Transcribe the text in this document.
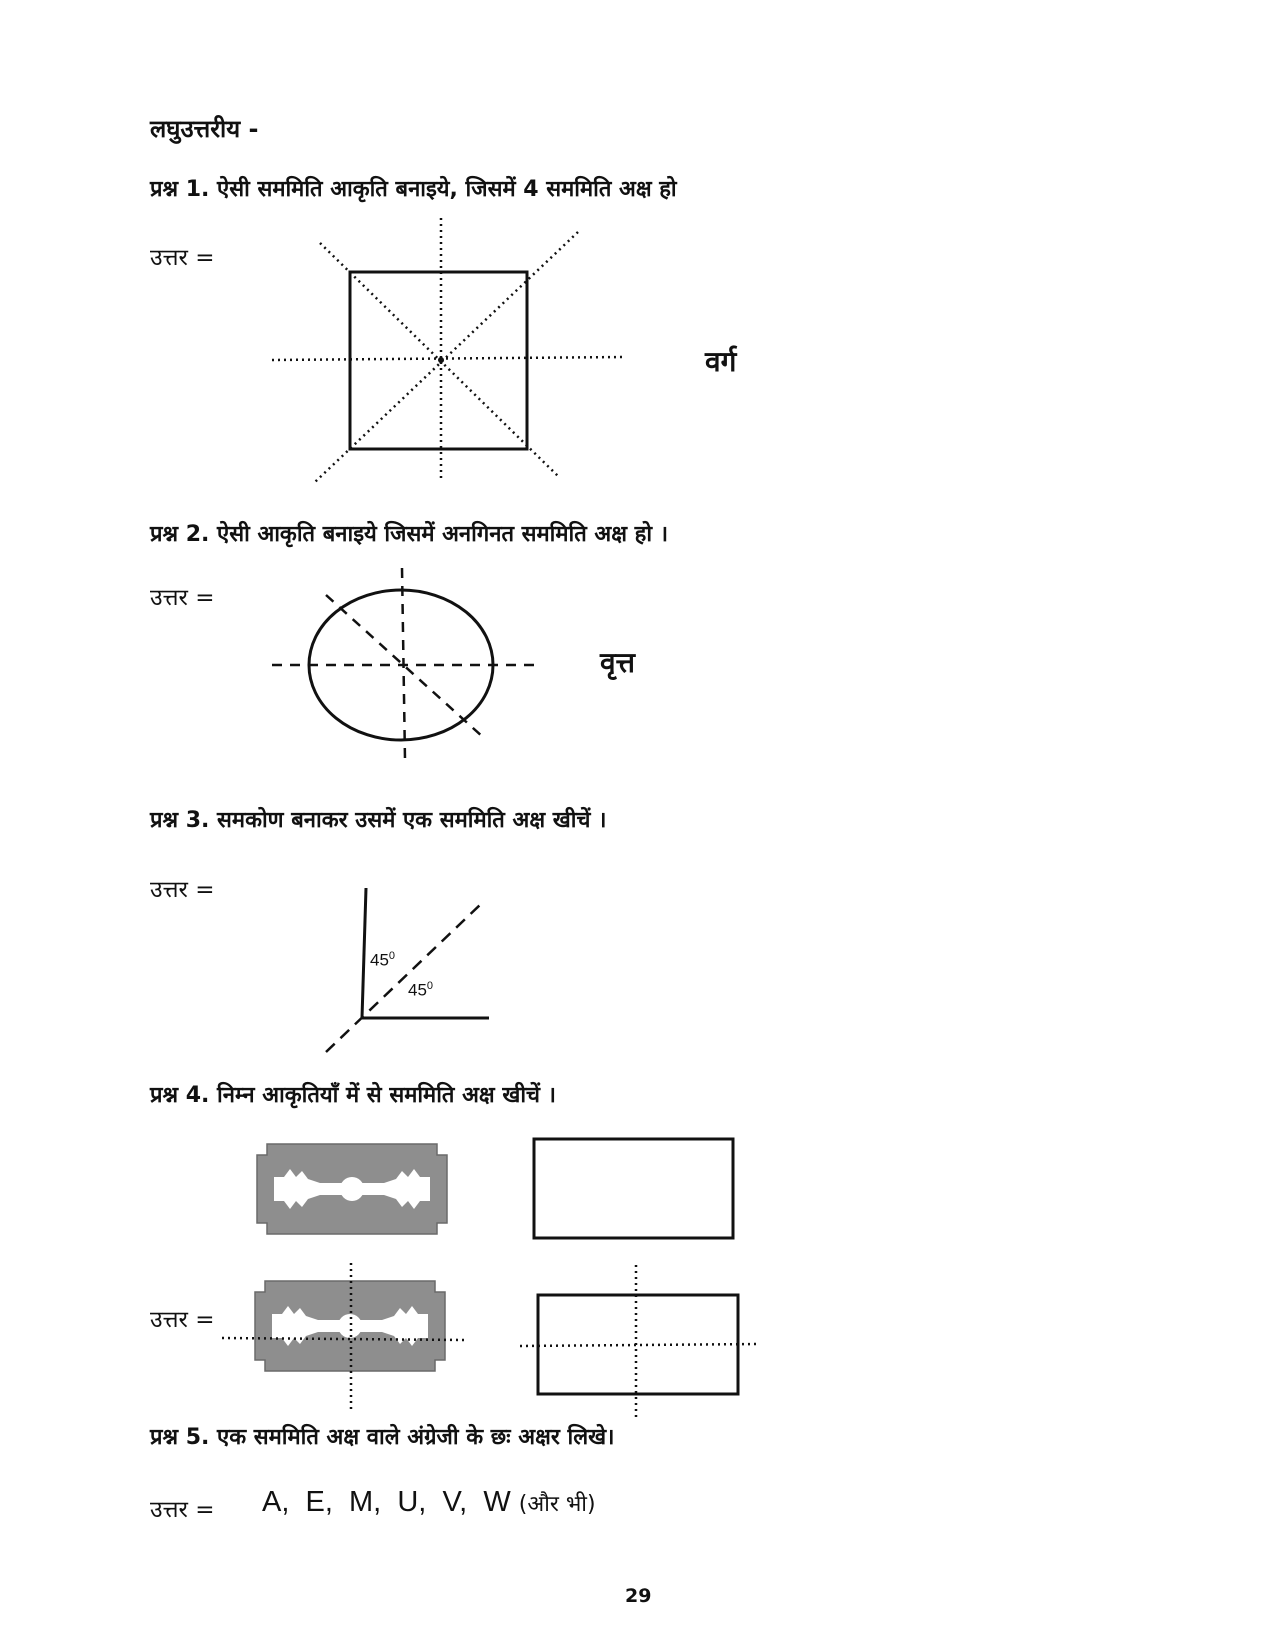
लघुउत्तरीय -
प्रश्न 1. ऐसी सममिति आकृति बनाइये, जिसमें 4 सममिति अक्ष हो
उत्तर =
वर्ग
प्रश्न 2. ऐसी आकृति बनाइये जिसमें अनगिनत सममिति अक्ष हो ।
उत्तर =
वृत्त
प्रश्न 3. समकोण बनाकर उसमें एक सममिति अक्ष खीचें ।
उत्तर =
$45^0$
$45^0$
प्रश्न 4. निम्न आकृतियाँ में से सममिति अक्ष खीचें ।
उत्तर =
प्रश्न 5. एक सममिति अक्ष वाले अंग्रेजी के छः अक्षर लिखे।
उत्तर = A,  E,  M,  U,  V,  W (और भी)
29
